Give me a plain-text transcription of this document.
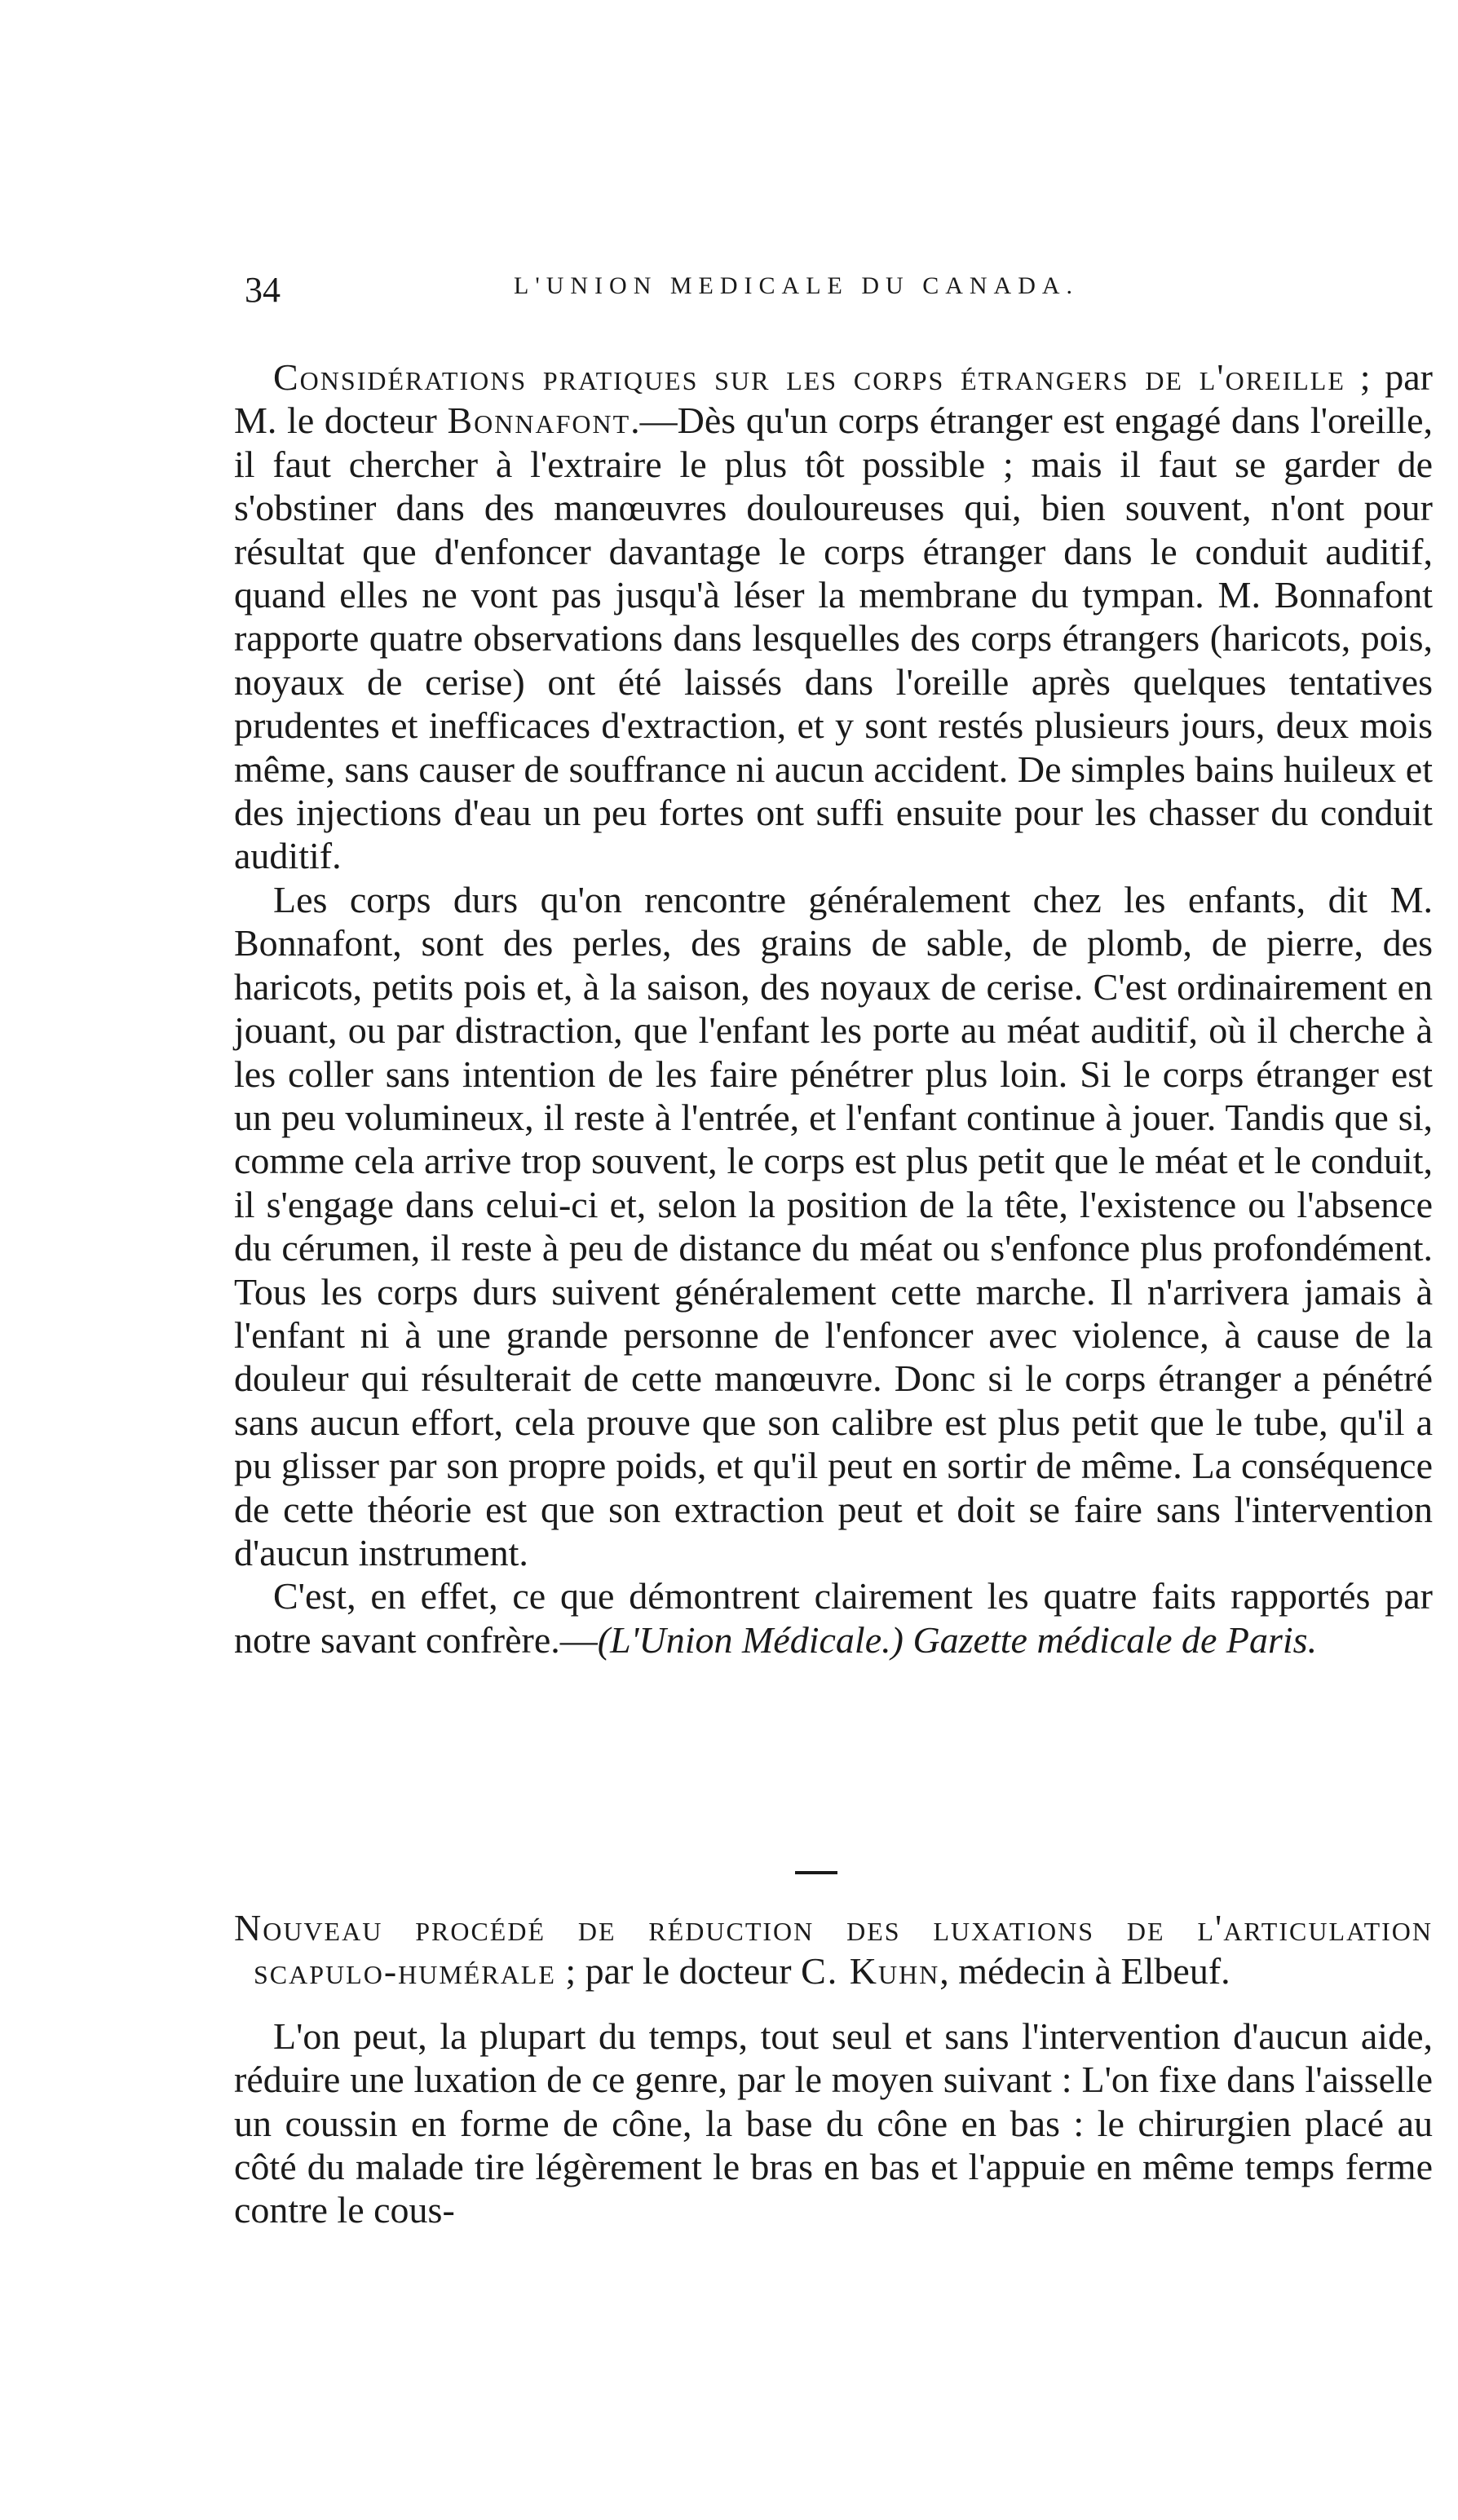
34	L'UNION MEDICALE DU CANADA.

Considérations pratiques sur les corps étrangers de l'oreille ; par M. le docteur Bonnafont.—Dès qu'un corps étranger est engagé dans l'oreille, il faut chercher à l'extraire le plus tôt possible ; mais il faut se garder de s'obstiner dans des manœuvres douloureuses qui, bien souvent, n'ont pour résultat que d'enfoncer davantage le corps étranger dans le conduit auditif, quand elles ne vont pas jusqu'à léser la membrane du tympan. M. Bonnafont rapporte quatre observations dans lesquelles des corps étrangers (haricots, pois, noyaux de cerise) ont été laissés dans l'oreille après quelques tentatives prudentes et inefficaces d'extraction, et y sont restés plusieurs jours, deux mois même, sans causer de souffrance ni aucun accident. De simples bains huileux et des injections d'eau un peu fortes ont suffi ensuite pour les chasser du conduit auditif.

Les corps durs qu'on rencontre généralement chez les enfants, dit M. Bonnafont, sont des perles, des grains de sable, de plomb, de pierre, des haricots, petits pois et, à la saison, des noyaux de cerise. C'est ordinairement en jouant, ou par distraction, que l'enfant les porte au méat auditif, où il cherche à les coller sans intention de les faire pénétrer plus loin. Si le corps étranger est un peu volumineux, il reste à l'entrée, et l'enfant continue à jouer. Tandis que si, comme cela arrive trop souvent, le corps est plus petit que le méat et le conduit, il s'engage dans celui-ci et, selon la position de la tête, l'existence ou l'absence du cérumen, il reste à peu de distance du méat ou s'enfonce plus profondément. Tous les corps durs suivent généralement cette marche. Il n'arrivera jamais à l'enfant ni à une grande personne de l'enfoncer avec violence, à cause de la douleur qui résulterait de cette manœuvre. Donc si le corps étranger a pénétré sans aucun effort, cela prouve que son calibre est plus petit que le tube, qu'il a pu glisser par son propre poids, et qu'il peut en sortir de même. La conséquence de cette théorie est que son extraction peut et doit se faire sans l'intervention d'aucun instrument.

C'est, en effet, ce que démontrent clairement les quatre faits rapportés par notre savant confrère.—(L'Union Médicale.) Gazette médicale de Paris.

Nouveau procédé de réduction des luxations de l'articulation scapulo-humérale ; par le docteur C. Kuhn, médecin à Elbeuf.

L'on peut, la plupart du temps, tout seul et sans l'intervention d'aucun aide, réduire une luxation de ce genre, par le moyen suivant : L'on fixe dans l'aisselle un coussin en forme de cône, la base du cône en bas : le chirurgien placé au côté du malade tire légèrement le bras en bas et l'appuie en même temps ferme contre le cous-
